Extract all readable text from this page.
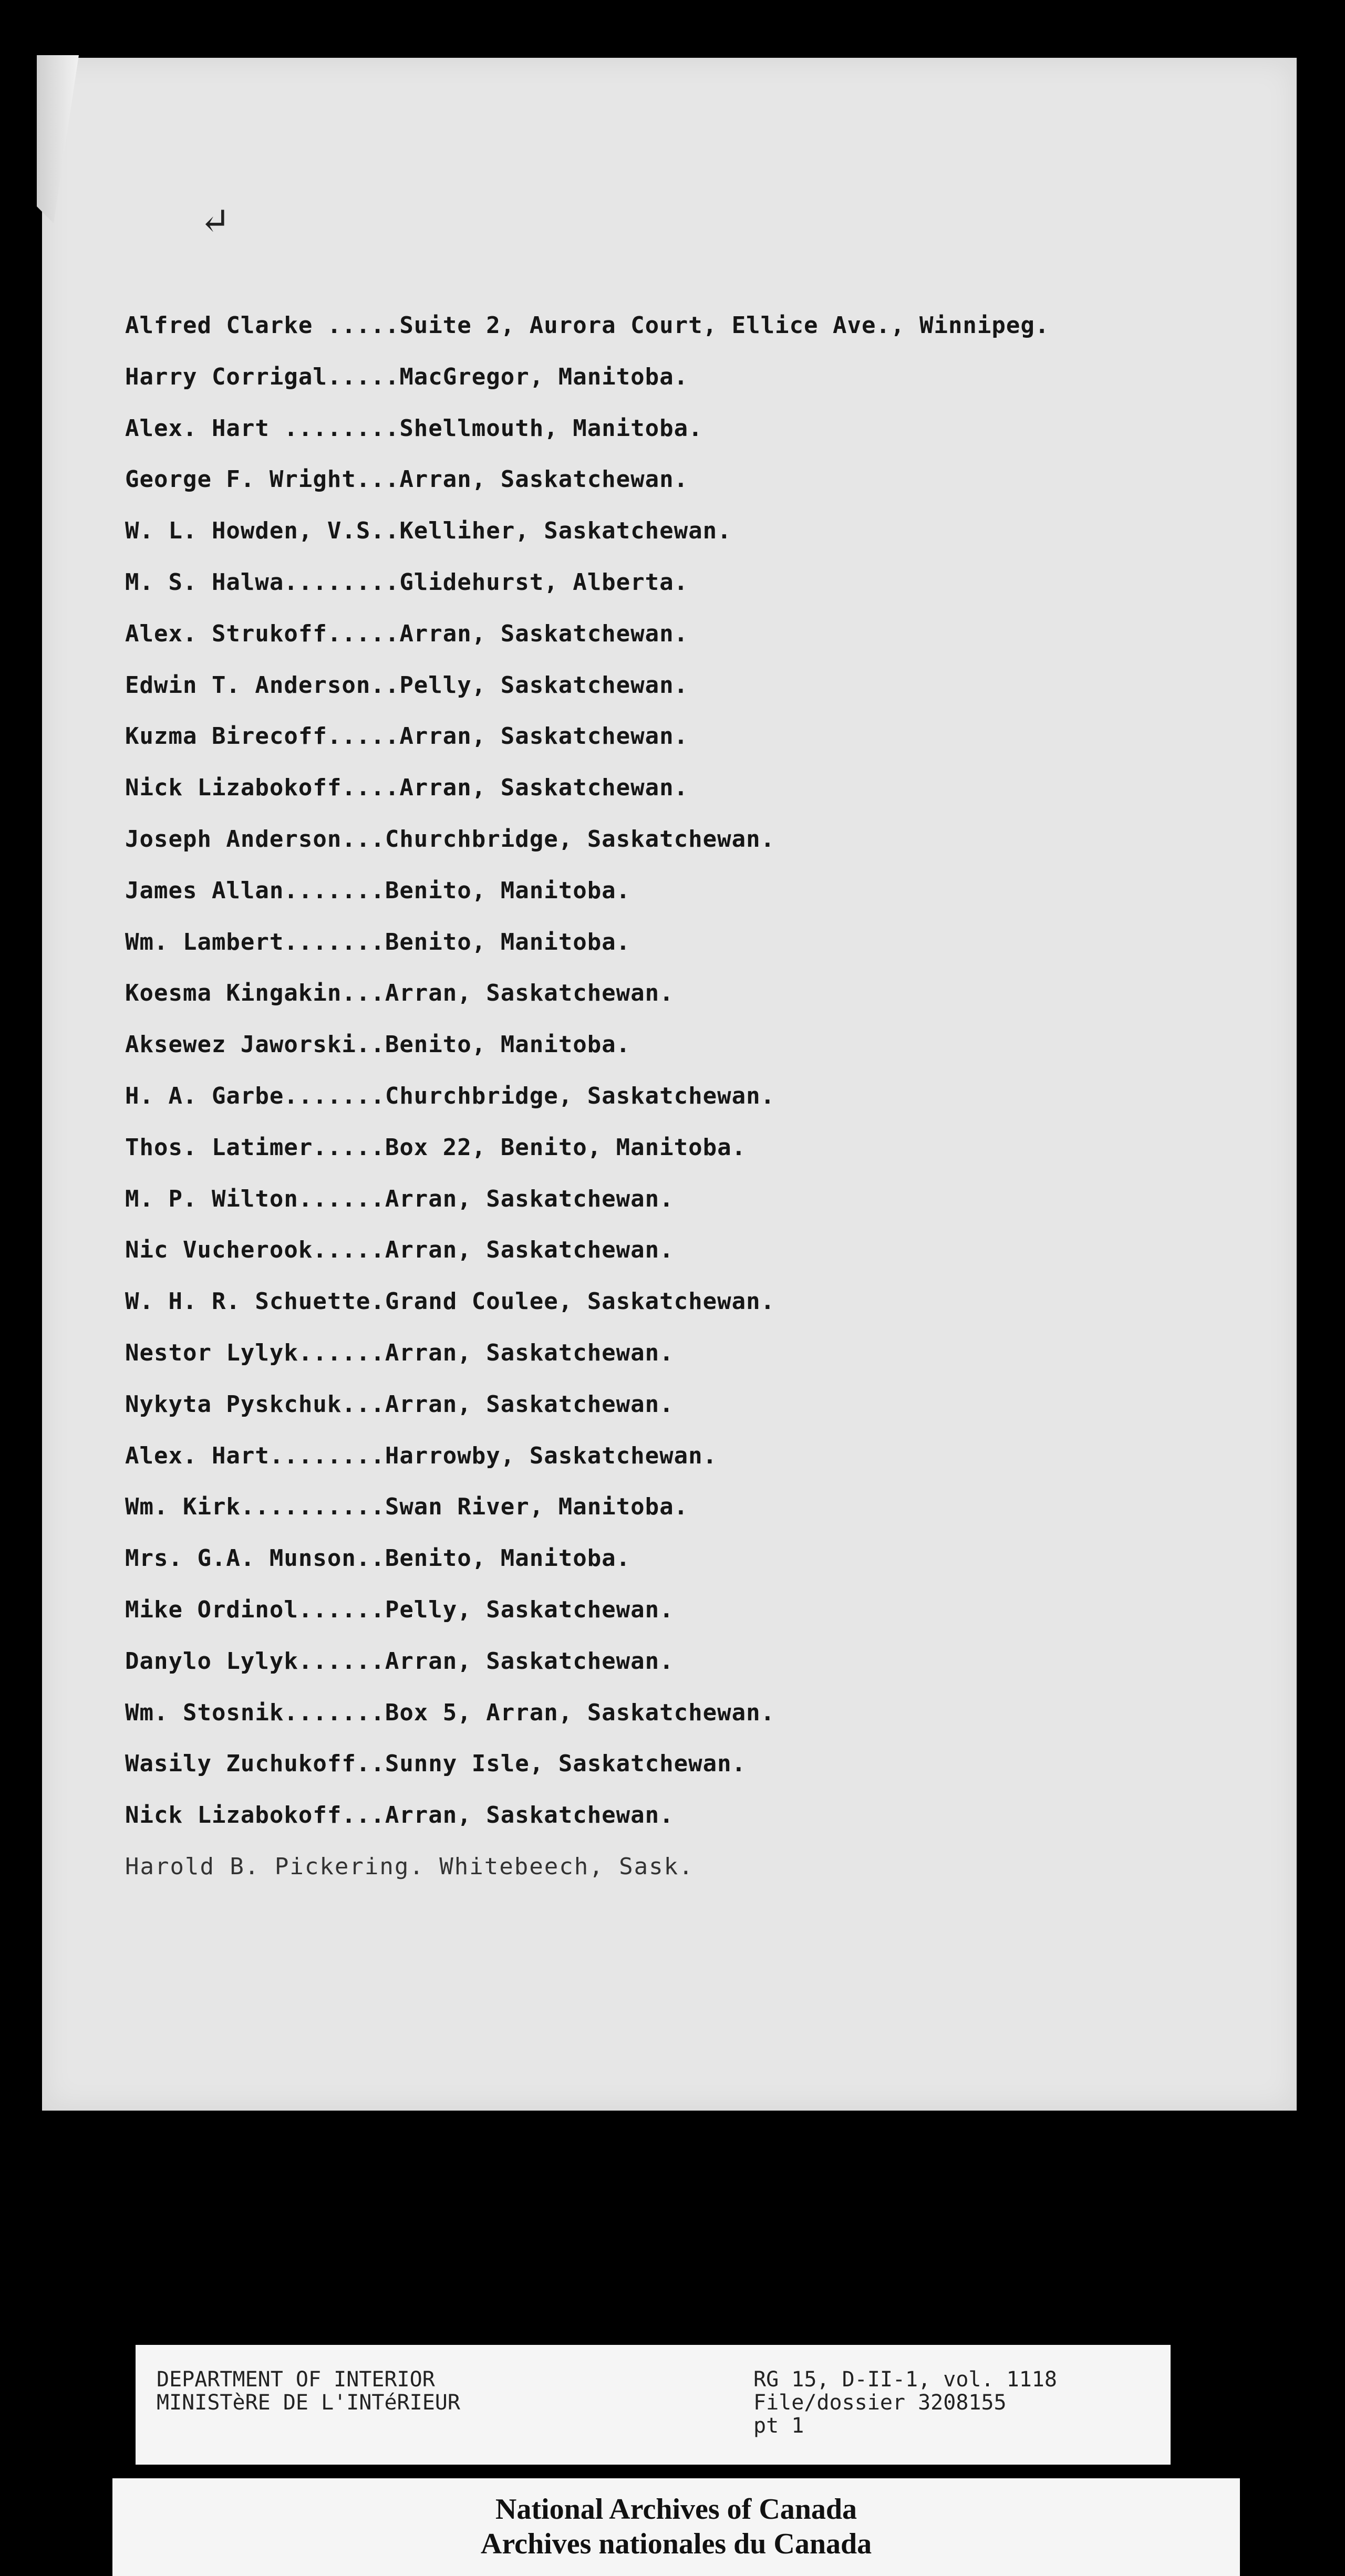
↵
Alfred Clarke .....Suite 2, Aurora Court, Ellice Ave., Winnipeg.
Harry Corrigal.....MacGregor, Manitoba.
Alex. Hart ........Shellmouth, Manitoba.
George F. Wright...Arran, Saskatchewan.
W. L. Howden, V.S..Kelliher, Saskatchewan.
M. S. Halwa........Glidehurst, Alberta.
Alex. Strukoff.....Arran, Saskatchewan.
Edwin T. Anderson..Pelly, Saskatchewan.
Kuzma Birecoff.....Arran, Saskatchewan.
Nick Lizabokoff....Arran, Saskatchewan.
Joseph Anderson...Churchbridge, Saskatchewan.
James Allan.......Benito, Manitoba.
Wm. Lambert.......Benito, Manitoba.
Koesma Kingakin...Arran, Saskatchewan.
Aksewez Jaworski..Benito, Manitoba.
H. A. Garbe.......Churchbridge, Saskatchewan.
Thos. Latimer.....Box 22, Benito, Manitoba.
M. P. Wilton......Arran, Saskatchewan.
Nic Vucherook.....Arran, Saskatchewan.
W. H. R. Schuette.Grand Coulee, Saskatchewan.
Nestor Lylyk......Arran, Saskatchewan.
Nykyta Pyskchuk...Arran, Saskatchewan.
Alex. Hart........Harrowby, Saskatchewan.
Wm. Kirk..........Swan River, Manitoba.
Mrs. G.A. Munson..Benito, Manitoba.
Mike Ordinol......Pelly, Saskatchewan.
Danylo Lylyk......Arran, Saskatchewan.
Wm. Stosnik.......Box 5, Arran, Saskatchewan.
Wasily Zuchukoff..Sunny Isle, Saskatchewan.
Nick Lizabokoff...Arran, Saskatchewan.
Harold B. Pickering. Whitebeech, Sask.
DEPARTMENT OF INTERIOR
MINISTèRE DE L'INTéRIEUR
RG 15, D-II-1, vol. 1118
File/dossier 3208155
pt 1
National Archives of Canada
Archives nationales du Canada
